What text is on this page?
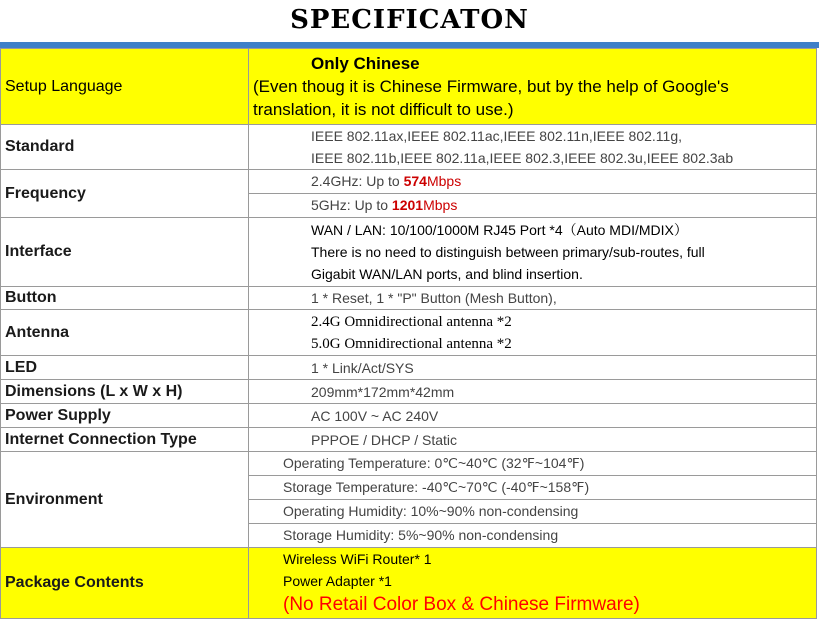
SPECIFICATON
Setup Language	Only Chinese
(Even thoug it is Chinese Firmware, but by the help of Google's
translation, it is not difficult to use.)

Standard	IEEE 802.11ax,IEEE 802.11ac,IEEE 802.11n,IEEE 802.11g,
IEEE 802.11b,IEEE 802.11a,IEEE 802.3,IEEE 802.3u,IEEE 802.3ab

Frequency	2.4GHz: Up to 574Mbps
5GHz: Up to 1201Mbps

Interface	WAN / LAN: 10/100/1000M RJ45 Port *4（Auto MDI/MDIX）
There is no need to distinguish between primary/sub-routes, full
Gigabit WAN/LAN ports, and blind insertion.

Button	1 * Reset, 1 * "P" Button (Mesh Button),

Antenna	2.4G Omnidirectional antenna *2
5.0G Omnidirectional antenna *2

LED	1 * Link/Act/SYS

Dimensions (L x W x H)	209mm*172mm*42mm

Power Supply	AC 100V ~ AC 240V

Internet Connection Type	PPPOE / DHCP / Static

Environment	Operating Temperature: 0℃~40℃ (32℉~104℉)
Storage Temperature: -40℃~70℃ (-40℉~158℉)
Operating Humidity: 10%~90% non-condensing
Storage Humidity: 5%~90% non-condensing

Package Contents	Wireless WiFi Router* 1
Power Adapter *1
(No Retail Color Box & Chinese Firmware)
